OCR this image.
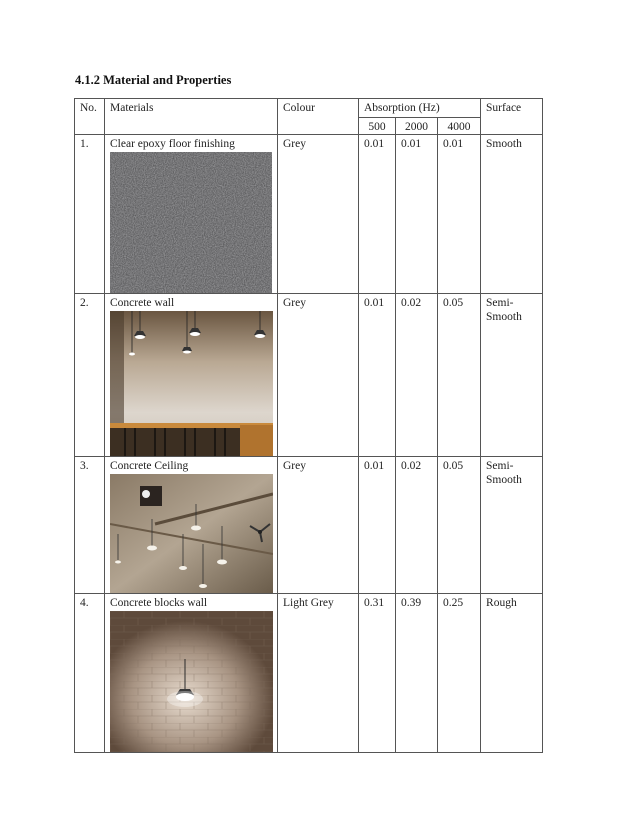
4.1.2 Material and Properties
No.	Materials	Colour	Absorption (Hz)			Surface
			500	2000	4000	
1.	Clear epoxy floor finishing	Grey	0.01	0.01	0.01	Smooth
2.	Concrete wall	Grey	0.01	0.02	0.05	Semi-Smooth
3.	Concrete Ceiling	Grey	0.01	0.02	0.05	Semi-Smooth
4.	Concrete blocks wall	Light Grey	0.31	0.39	0.25	Rough
